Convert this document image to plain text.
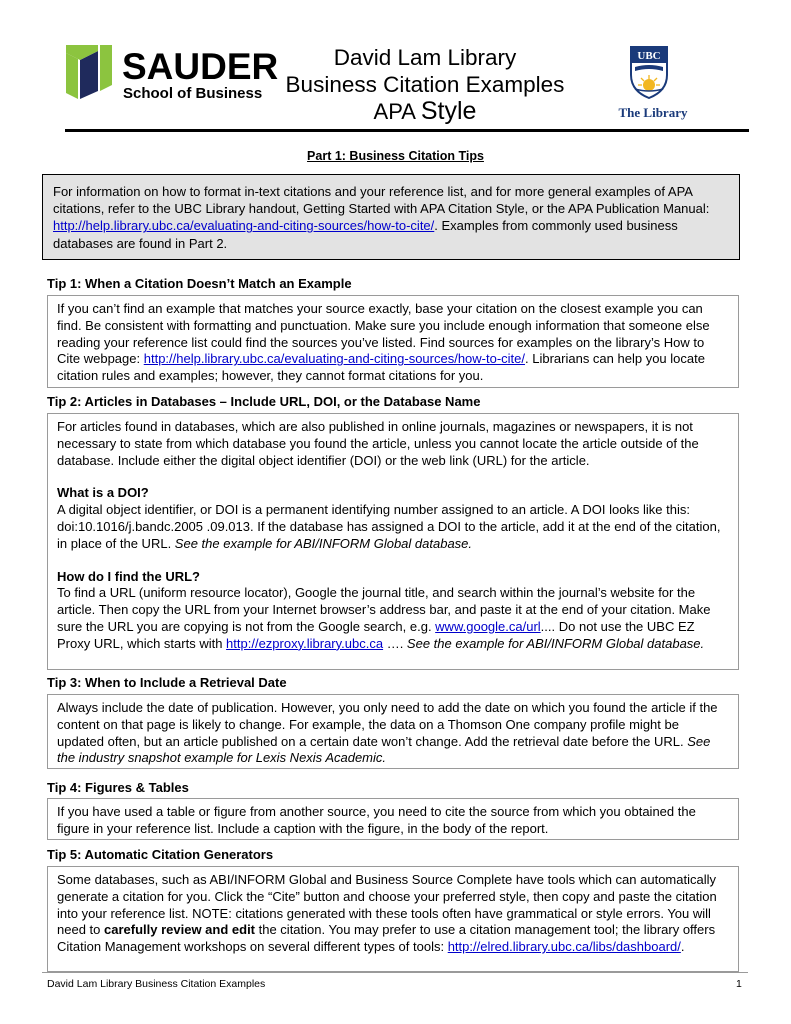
SAUDER
School of Business
David Lam Library
Business Citation Examples
APA Style
UBC
The Library
Part 1: Business Citation Tips
For information on how to format in-text citations and your reference list, and for more general examples of APA citations, refer to the UBC Library handout, Getting Started with APA Citation Style, or the APA Publication Manual: http://help.library.ubc.ca/evaluating-and-citing-sources/how-to-cite/. Examples from commonly used business databases are found in Part 2.
Tip 1: When a Citation Doesn’t Match an Example

If you can’t find an example that matches your source exactly, base your citation on the closest example you can find. Be consistent with formatting and punctuation. Make sure you include enough information that someone else reading your reference list could find the sources you’ve listed. Find sources for examples on the library’s How to Cite webpage: http://help.library.ubc.ca/evaluating-and-citing-sources/how-to-cite/. Librarians can help you locate citation rules and examples; however, they cannot format citations for you.

Tip 2: Articles in Databases – Include URL, DOI, or the Database Name

For articles found in databases, which are also published in online journals, magazines or newspapers, it is not necessary to state from which database you found the article, unless you cannot locate the article outside of the database. Include either the digital object identifier (DOI) or the web link (URL) for the article.

What is a DOI?

A digital object identifier, or DOI is a permanent identifying number assigned to an article. A DOI looks like this: doi:10.1016/j.bandc.2005 .09.013. If the database has assigned a DOI to the article, add it at the end of the citation, in place of the URL. See the example for ABI/INFORM Global database.

How do I find the URL?

To find a URL (uniform resource locator), Google the journal title, and search within the journal’s website for the article. Then copy the URL from your Internet browser’s address bar, and paste it at the end of your citation. Make sure the URL you are copying is not from the Google search, e.g. www.google.ca/url.... Do not use the UBC EZ Proxy URL, which starts with http://ezproxy.library.ubc.ca …. See the example for ABI/INFORM Global database.

Tip 3: When to Include a Retrieval Date

Always include the date of publication. However, you only need to add the date on which you found the article if the content on that page is likely to change. For example, the data on a Thomson One company profile might be updated often, but an article published on a certain date won’t change. Add the retrieval date before the URL. See the industry snapshot example for Lexis Nexis Academic.

Tip 4: Figures & Tables

If you have used a table or figure from another source, you need to cite the source from which you obtained the figure in your reference list. Include a caption with the figure, in the body of the report.

Tip 5: Automatic Citation Generators

Some databases, such as ABI/INFORM Global and Business Source Complete have tools which can automatically generate a citation for you. Click the “Cite” button and choose your preferred style, then copy and paste the citation into your reference list. NOTE: citations generated with these tools often have grammatical or style errors. You will need to carefully review and edit the citation. You may prefer to use a citation management tool; the library offers Citation Management workshops on several different types of tools: http://elred.library.ubc.ca/libs/dashboard/.

David Lam Library Business Citation Examples	1
